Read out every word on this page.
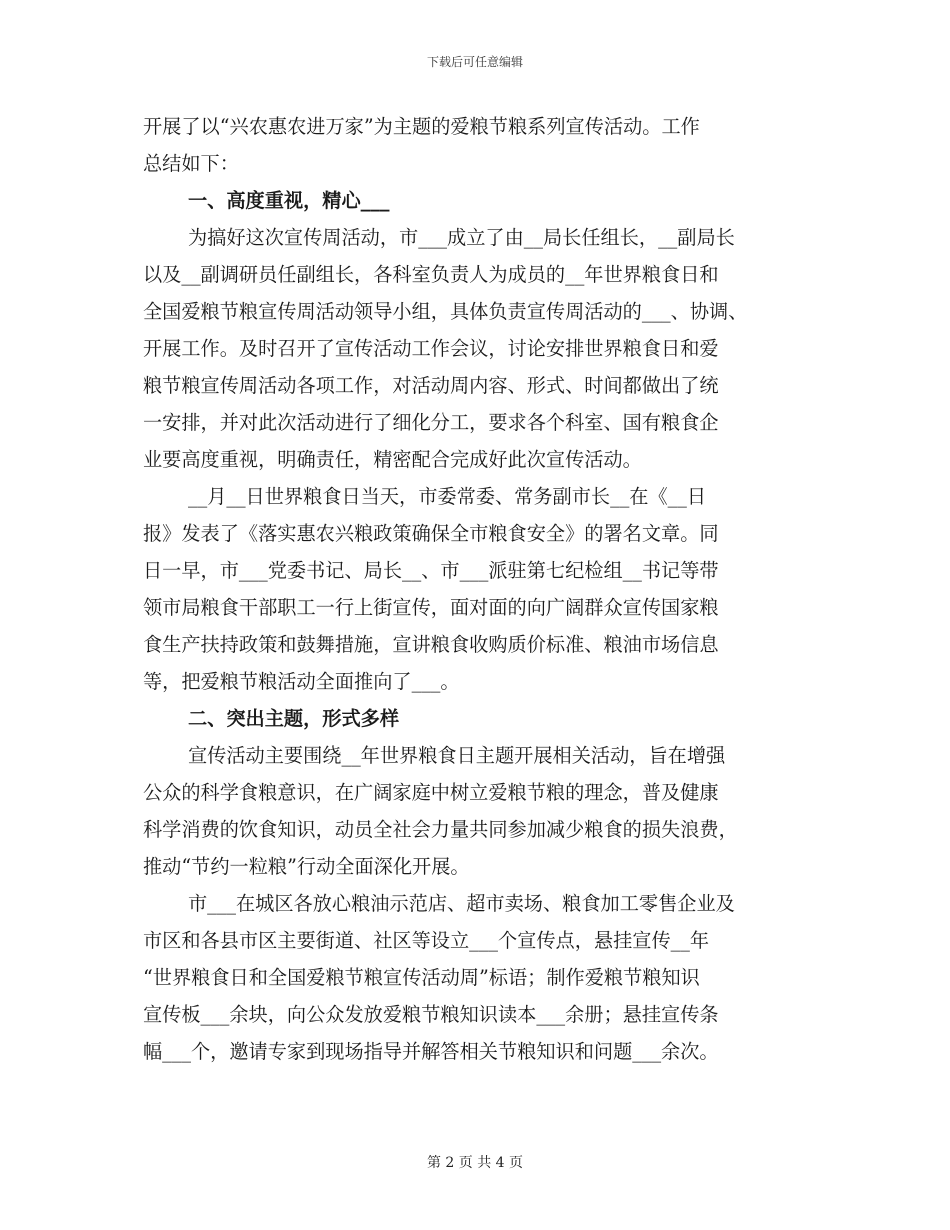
下载后可任意编辑
开展了以“兴农惠农进万家”为主题的爱粮节粮系列宣传活动。工作
总结如下：
一、高度重视，精心___
为搞好这次宣传周活动，市___成立了由__局长任组长，__副局长
以及__副调研员任副组长，各科室负责人为成员的__年世界粮食日和
全国爱粮节粮宣传周活动领导小组，具体负责宣传周活动的___、协调、
开展工作。及时召开了宣传活动工作会议，讨论安排世界粮食日和爱
粮节粮宣传周活动各项工作，对活动周内容、形式、时间都做出了统
一安排，并对此次活动进行了细化分工，要求各个科室、国有粮食企
业要高度重视，明确责任，精密配合完成好此次宣传活动。
__月__日世界粮食日当天，市委常委、常务副市长__在《__日
报》发表了《落实惠农兴粮政策确保全市粮食安全》的署名文章。同
日一早，市___党委书记、局长__、市___派驻第七纪检组__书记等带
领市局粮食干部职工一行上街宣传，面对面的向广阔群众宣传国家粮
食生产扶持政策和鼓舞措施，宣讲粮食收购质价标准、粮油市场信息
等，把爱粮节粮活动全面推向了___。
二、突出主题，形式多样
宣传活动主要围绕__年世界粮食日主题开展相关活动，旨在增强
公众的科学食粮意识，在广阔家庭中树立爱粮节粮的理念，普及健康
科学消费的饮食知识，动员全社会力量共同参加减少粮食的损失浪费，
推动“节约一粒粮”行动全面深化开展。
市___在城区各放心粮油示范店、超市卖场、粮食加工零售企业及
市区和各县市区主要街道、社区等设立___个宣传点，悬挂宣传__年
“世界粮食日和全国爱粮节粮宣传活动周”标语；制作爱粮节粮知识
宣传板___余块，向公众发放爱粮节粮知识读本___余册；悬挂宣传条
幅___个，邀请专家到现场指导并解答相关节粮知识和问题___余次。
第 2 页 共 4 页
